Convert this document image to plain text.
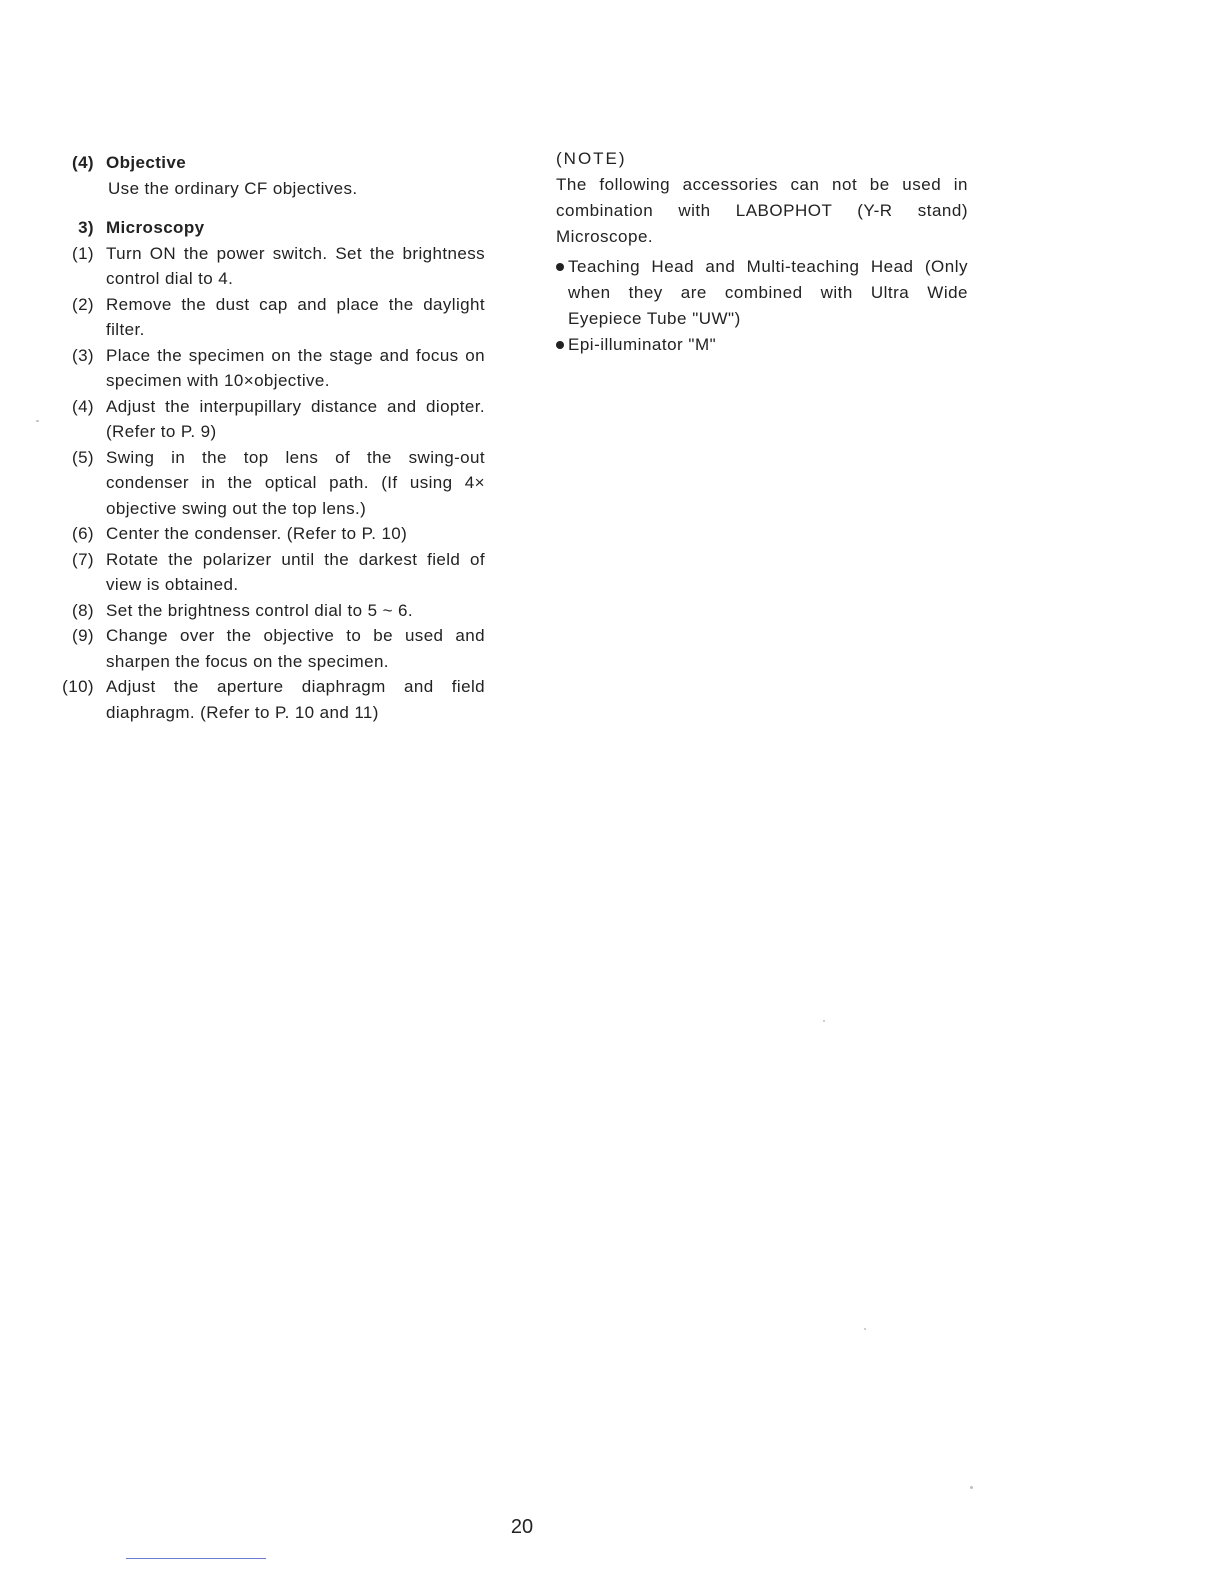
(4) Objective
Use the ordinary CF objectives.
3) Microscopy
(1) Turn ON the power switch. Set the brightness control dial to 4.
(2) Remove the dust cap and place the daylight filter.
(3) Place the specimen on the stage and focus on specimen with 10×objective.
(4) Adjust the interpupillary distance and diopter. (Refer to P. 9)
(5) Swing in the top lens of the swing-out condenser in the optical path. (If using 4× objective swing out the top lens.)
(6) Center the condenser. (Refer to P. 10)
(7) Rotate the polarizer until the darkest field of view is obtained.
(8) Set the brightness control dial to 5 ~ 6.
(9) Change over the objective to be used and sharpen the focus on the specimen.
(10) Adjust the aperture diaphragm and field diaphragm. (Refer to P. 10 and 11)
(NOTE)
The following accessories can not be used in combination with LABOPHOT (Y-R stand) Microscope.
Teaching Head and Multi-teaching Head (Only when they are combined with Ultra Wide Eyepiece Tube "UW")
Epi-illuminator "M"
20
